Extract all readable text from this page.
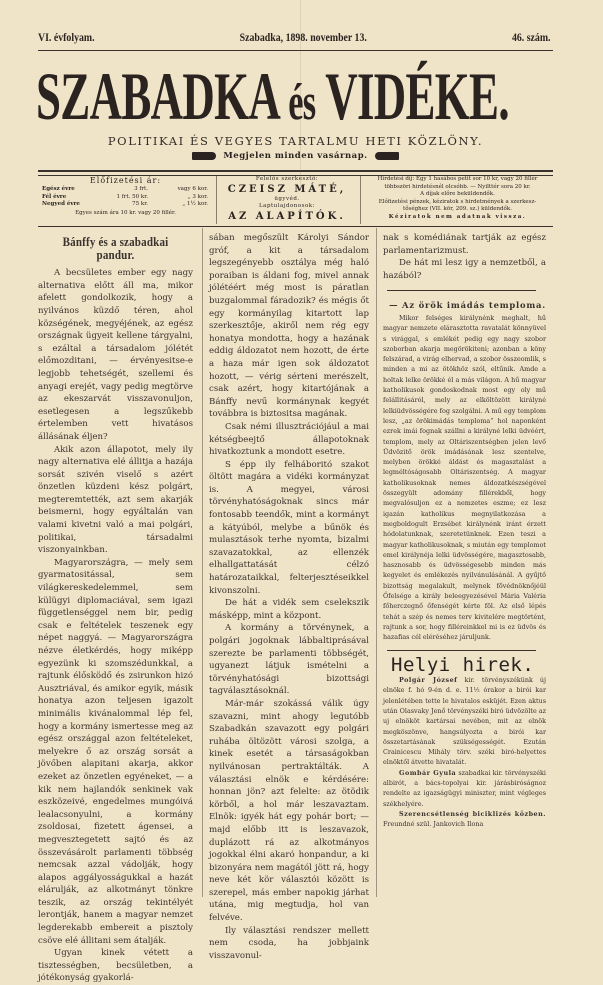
VI. évfolyam.	Szabadka, 1898. november 13.	46. szám.
SZABADKA és VIDÉKE.
POLITIKAI ÉS VEGYES TARTALMU HETI KÖZLÖNY.
Megjelen minden vasárnap.
Előfizetési ár:
Egész évre	3 frt.	vagy 6 kor.
Fél évre	1 frt. 50 kr.	„ 3 kor.
Negyed évre	75 kr.	„ 1½ kor.
Egyes szám ára 10 kr. vagy 20 fillér.
Felelős szerkesztő:
CZEISZ MÁTÉ,
ügyvéd.
Laptulajdonosok:
AZ ALAPÍTÓK.
Hirdetési díj: Egy 1 hasábos petit sor 10 kr, vagy 20 fillér
többszöri hirdetésnél olcsóbb. — Nyilttér sora 20 kr.
A díjak előre beküldendők.
Előfizetési pénzek, kéziratok s hirdetmények a szerkesz-
tőséghez (VII. kör, 209. sz.) küldendők.
Kéziratok nem adatnak vissza.
Bánffy és a szabadkai pandur.

A becsületes ember egy nagy alternativa előtt áll ma, mikor afelett gondolkozik, hogy a nyilvános küzdő téren, ahol községének, megyéjének, az egész országnak ügyeit kellene tárgyalni, s ezáltal a társadalom jólétét előmozditani, — érvényesitse-e legjobb tehetségét, szellemi és anyagi erejét, vagy pedig megtörve az ekeszarvát visszavonuljon, esetlegesen a legszűkebb értelemben vett hivatásos állásának éljen?

Akik azon állapotot, mely ily nagy alternativa elé állitja a hazája sorsát szivén viselő s azért önzetlen küzdeni kész polgárt, megteremtették, azt sem akarják beismerni, hogy egyáltalán van valami kivetni való a mai polgári, politikai, társadalmi viszonyainkban.

Magyarországra, — mely sem gyarmatositással, sem világkereskedelemmel, sem külügyi diplomaciával, sem igazi függetlenséggel nem bir, pedig csak e feltételek teszenek egy népet naggyá. — Magyarországra nézve életkérdés, hogy miképp egyezünk ki szomszédunkkal, a rajtunk élősködő és zsirunkon hizó Ausztriával, és amikor egyik, másik honatya azon teljesen igazolt minimális kivánalommal lép fel, hogy a kormány ismertesse meg az egész országgal azon feltételeket, melyekre ő az ország sorsát a jövőben alapitani akarja, akkor ezeket az önzetlen egyéneket, — a kik nem hajlandók senkinek vak eszközeivé, engedelmes mungóivá lealacsonyulni, a kormány zsoldosai, fizetett ágensei, a megvesztegetett sajtó és az összevásárolt parlamenti többség nemcsak azzal vádolják, hogy alapos aggályosságukkal a hazát elárulják, az alkotmányt tönkre teszik, az ország tekintélyét lerontják, hanem a magyar nemzet legderekabb embereit a pisztoly csöve elé állitani sem átalják.

Ugyan kinek vétett a tisztességben, becsületben, a jótékonyság gyakorlá-

sában megőszült Károlyi Sándor gróf, a kit a társadalom legszegényebb osztálya még haló poraiban is áldani fog, mivel annak jólétéért még most is páratlan buzgalommal fáradozik? és mégis őt egy kormányilag kitartott lap szerkesztője, akiről nem rég egy honatya mondotta, hogy a hazának eddig áldozatot nem hozott, de érte a haza már igen sok áldozatot hozott, — vérig sérteni merészelt, csak azért, hogy kitartójának a Bánffy nevű kormánynak kegyét továbbra is biztositsa magának.

Csak némi illusztrációjául a mai kétségbeejtő állapotoknak hivatkoztunk a mondott esetre.

S épp ily felháboritó szakot öltött magára a vidéki kormányzat is. A megyei, városi törvényhatóságoknak sincs már fontosabb teendők, mint a kormányt a kátyúból, melybe a bűnök és mulasztások terhe nyomta, bizalmi szavazatokkal, az ellenzék elhallgattatását célzó határozataikkal, felterjesztéseikkel kivonszolni.

De hát a vidék sem cselekszik másképp, mint a központ.

A kormány a törvénynek, a polgári jogoknak lábbaltiprásával szerezte be parlamenti többségét, ugyanezt látjuk ismételni a törvényhatósági bizottsági tagválasztásoknál.

Már-már szokássá válik úgy szavazni, mint ahogy legutóbb Szabadkán szavazott egy polgári ruhába öltözött városi szolga, a kinek esetét a társaságokban nyilvánosan pertraktálták. A választási elnök e kérdésére: honnan jön? azt felelte: az ötödik körből, a hol már leszavaztam. Elnök: igyék hát egy pohár bort; — majd előbb itt is leszavazok, duplázott rá az alkotmányos jogokkal élni akaró honpandur, a ki bizonyára nem magától jött rá, hogy neve két kör választói között is szerepel, más ember napokig járhat utána, mig megtudja, hol van felvéve.

Ily választási rendszer mellett nem csoda, ha jobbjaink visszavonul-

nak s komédiának tartják az egész parlamentarizmust.

De hát mi lesz igy a nemzetből, a hazából?

— Az örök imádás temploma.

Mikor felséges királynénk meghalt, hű magyar nemzete elárasztotta ravatalát könnyüvel s virággal, s emlékét pedig egy nagy szobor szoborban akarja megörökiteni; azonban a köny felszárad, a virág elhervad, a szobor összeomlik, s minden a mi az ötökhöz szól, eltűnik. Amde a holtak lelke örökké él a más világon. A hű magyar katholikusok gondoskodnak most egy oly mű felállitásáról, mely az elköltözött királyné lelkiüdvösségére fog szolgálni. A mű egy templom lesz, „az örökimádás temploma“ hol naponként ezrek imái fognak szállni a királyné lelki üdvéért, templom, mely az Oltáriszentségben jelen levő Üdvözitő örök imádásának lesz szentelve, melyben örökké áldást és magasztalást a legméltóságosabb Oltáriszentség. A magyar katholikusoknak nemes áldozatkészségével összegyült adomány fillérekből, hogy megvalósuljon ez a nemzetes eszme; ez lesz igazán katholikus megnyilatkozása a megboldogult Erzsébet királynénk iránt érzett hódolatunknak, szeretetünknek. Ezen teszi a magyar katholikusoknak, s miután egy templomot emel királynéja lelki üdvösségére, magasztosabb, hasznosabb és üdvösségesebb minden más kegyelet és emlékezés nyilvánulásánál. A gyűjtő bizottság megalakult, melynek fővédnöknőjéül Őfelsége a király beleegyezésével Mária Valéria főherczegnő őfenségét kérte föl. Az első lépés tehát a szép és nemes terv kivitelére megtörtént, rajtunk a sor, hogy filléreinkkel mi is ez üdvös és hazafias cél eléréséhez járuljunk.

Helyi hirek.

Polgár József kir. törvényszékünk új elnöke f. hó 9-én d. e. 11½ órakor a birói kar jelenlétében tette le hivatalos esküjét. Ezen aktus után Olasvaky Jenő törvényszéki biró üdvözölte az uj elnököt kartársai nevében, mit az elnök megköszönve, hangsúlyozta a birói kar összetartásának szükségességét. Ezután Crainicescu Mihály törv. széki biró-helyettes elnöktől átvette hivatalát.

Gombár Gyula szabadkai kir. törvényszéki albirót, a bács-topolyai kir. járásbiróságnoz rendelte az igazságügyi miniszter, mint végleges székhelyére.

Szerencsétlenség biciklizés közben. Freundné szül. Jankovich Ilona
